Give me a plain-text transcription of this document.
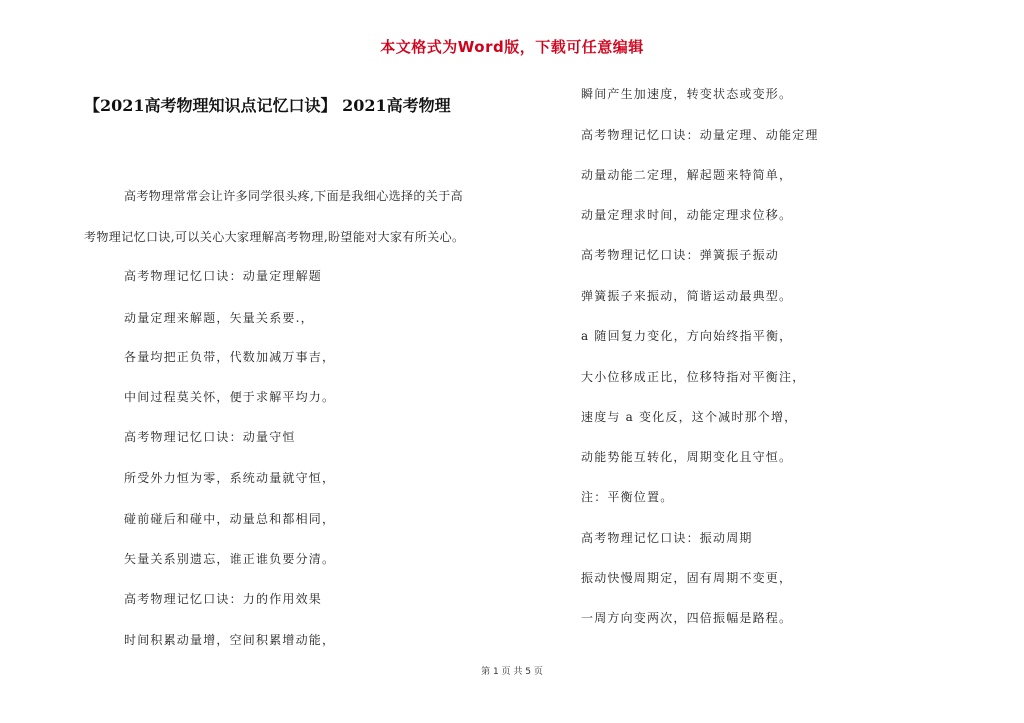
本文格式为Word版，下载可任意编辑
【2021高考物理知识点记忆口诀】 2021高考物理
高考物理常常会让许多同学很头疼,下面是我细心选择的关于高
考物理记忆口诀,可以关心大家理解高考物理,盼望能对大家有所关心。
高考物理记忆口诀：动量定理解题
动量定理来解题，矢量关系要.，
各量均把正负带，代数加减万事吉，
中间过程莫关怀，便于求解平均力。
高考物理记忆口诀：动量守恒
所受外力恒为零，系统动量就守恒，
碰前碰后和碰中，动量总和都相同，
矢量关系别遗忘，谁正谁负要分清。
高考物理记忆口诀：力的作用效果
时间积累动量增，空间积累增动能，
瞬间产生加速度，转变状态或变形。
高考物理记忆口诀：动量定理、动能定理
动量动能二定理，解起题来特简单，
动量定理求时间，动能定理求位移。
高考物理记忆口诀：弹簧振子振动
弹簧振子来振动，简谐运动最典型。
a 随回复力变化，方向始终指平衡，
大小位移成正比，位移特指对平衡注，
速度与 a 变化反，这个减时那个增，
动能势能互转化，周期变化且守恒。
注：平衡位置。
高考物理记忆口诀：振动周期
振动快慢周期定，固有周期不变更，
一周方向变两次，四倍振幅是路程。
第 1 页 共 5 页
